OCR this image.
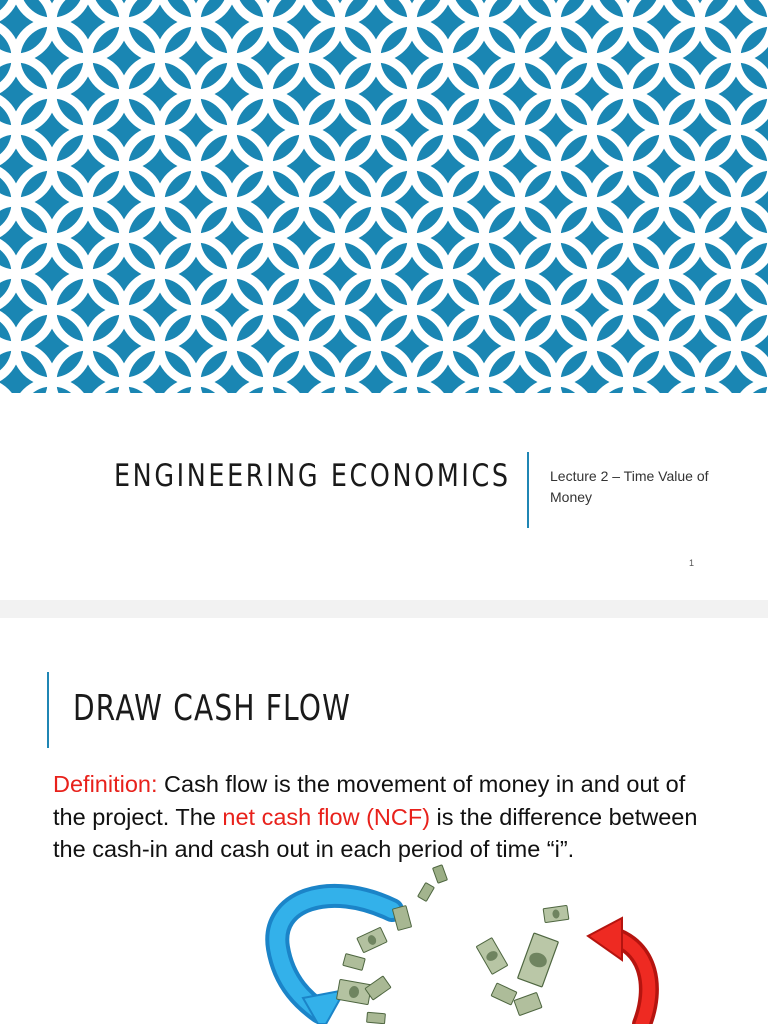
ENGINEERING ECONOMICS	Lecture 2 – Time Value of Money
1
DRAW CASH FLOW
Definition: Cash flow is the movement of money in and out of the project. The net cash flow (NCF) is the difference between the cash-in and cash out in each period of time “i”.
